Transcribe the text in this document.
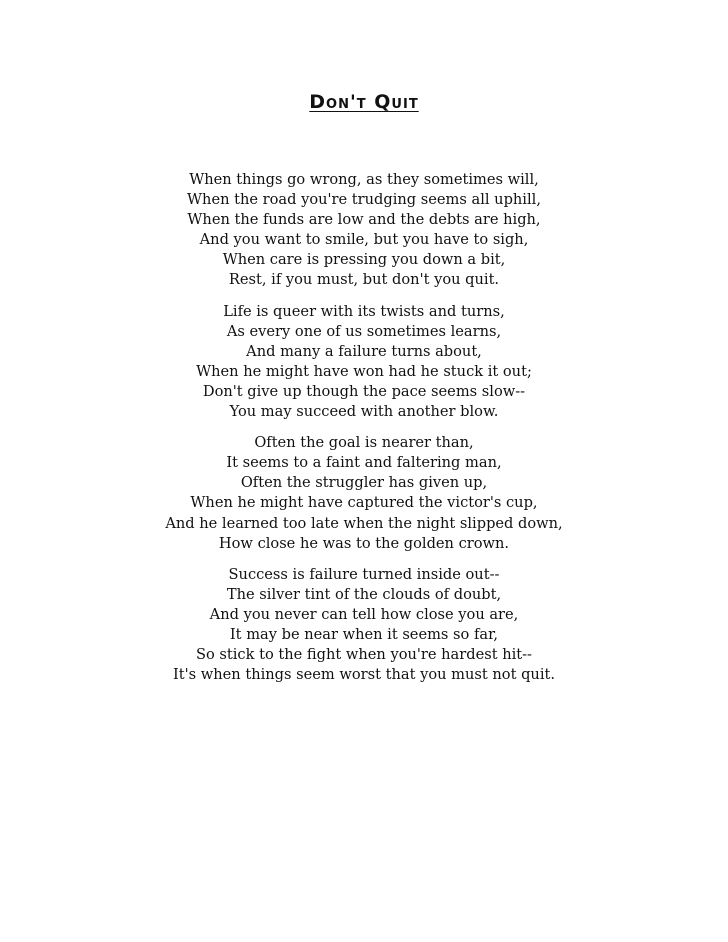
Don't Quit
When things go wrong, as they sometimes will,
When the road you're trudging seems all uphill,
When the funds are low and the debts are high,
And you want to smile, but you have to sigh,
When care is pressing you down a bit,
Rest, if you must, but don't you quit.
Life is queer with its twists and turns,
As every one of us sometimes learns,
And many a failure turns about,
When he might have won had he stuck it out;
Don't give up though the pace seems slow--
You may succeed with another blow.
Often the goal is nearer than,
It seems to a faint and faltering man,
Often the struggler has given up,
When he might have captured the victor's cup,
And he learned too late when the night slipped down,
How close he was to the golden crown.
Success is failure turned inside out--
The silver tint of the clouds of doubt,
And you never can tell how close you are,
It may be near when it seems so far,
So stick to the fight when you're hardest hit--
It's when things seem worst that you must not quit.
